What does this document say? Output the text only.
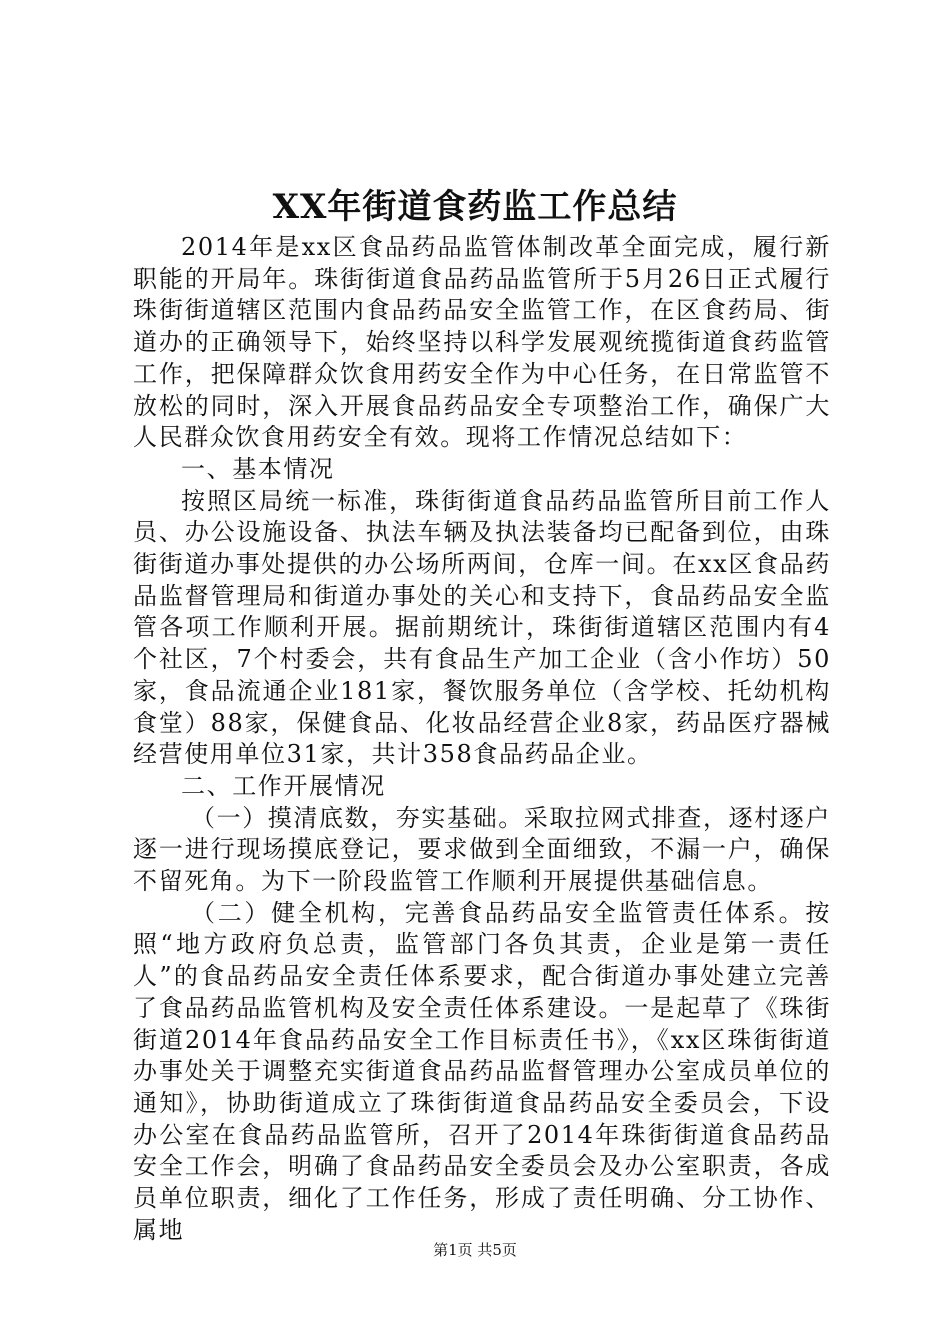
XX年街道食药监工作总结

2014年是xx区食品药品监管体制改革全面完成，履行新职能的开局年。珠街街道食品药品监管所于5月26日正式履行珠街街道辖区范围内食品药品安全监管工作，在区食药局、街道办的正确领导下，始终坚持以科学发展观统揽街道食药监管工作，把保障群众饮食用药安全作为中心任务，在日常监管不放松的同时，深入开展食品药品安全专项整治工作，确保广大人民群众饮食用药安全有效。现将工作情况总结如下：

一、基本情况

按照区局统一标准，珠街街道食品药品监管所目前工作人员、办公设施设备、执法车辆及执法装备均已配备到位，由珠街街道办事处提供的办公场所两间，仓库一间。在xx区食品药品监督管理局和街道办事处的关心和支持下，食品药品安全监管各项工作顺利开展。据前期统计，珠街街道辖区范围内有4个社区，7个村委会，共有食品生产加工企业（含小作坊）50家，食品流通企业181家，餐饮服务单位（含学校、托幼机构食堂）88家，保健食品、化妆品经营企业8家，药品医疗器械经营使用单位31家，共计358食品药品企业。

二、工作开展情况

（一）摸清底数，夯实基础。采取拉网式排查，逐村逐户逐一进行现场摸底登记，要求做到全面细致，不漏一户，确保不留死角。为下一阶段监管工作顺利开展提供基础信息。

（二）健全机构，完善食品药品安全监管责任体系。按照“地方政府负总责，监管部门各负其责，企业是第一责任人”的食品药品安全责任体系要求，配合街道办事处建立完善了食品药品监管机构及安全责任体系建设。一是起草了《珠街街道2014年食品药品安全工作目标责任书》，《xx区珠街街道办事处关于调整充实街道食品药品监督管理办公室成员单位的通知》，协助街道成立了珠街街道食品药品安全委员会，下设办公室在食品药品监管所，召开了2014年珠街街道食品药品安全工作会，明确了食品药品安全委员会及办公室职责，各成员单位职责，细化了工作任务，形成了责任明确、分工协作、属地

第1页 共5页
